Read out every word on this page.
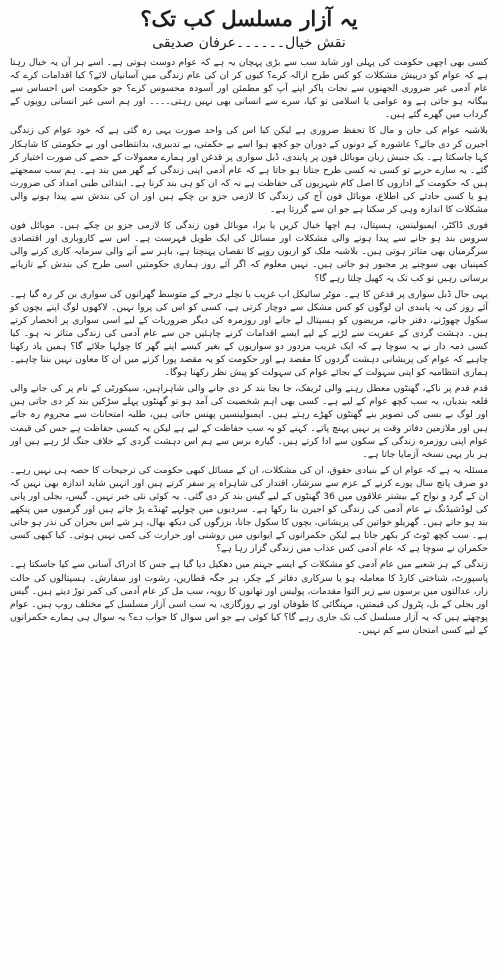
یہ آزار مسلسل کب تک؟
نقش خیال۔۔۔۔۔۔عرفان صدیقی

کسی بھی اچھی حکومت کی پہلی اور شاید سب سے بڑی پہچان یہ ہے کہ عوام دوست ہوتی ہے۔ اسے ہر آن یہ خیال رہتا ہے کہ عوام کو درپیش مشکلات کو کس طرح ازالہ کرے؟ کیوں کر ان کی عام زندگی میں آسانیاں لائے؟ کیا اقدامات کرے کہ عام آدمی غیر ضروری الجھنوں سے نجات پاکر اپنے آپ کو مطمئن اور آسودہ محسوس کرے؟ جو حکومت اس احساس سے بیگانہ ہو جاتی ہے وہ عوامی یا اسلامی تو کیا، سرے سے انسانی بھی نہیں رہتی۔۔۔۔ اور ہم اسی غیر انسانی رویوں کے گرداب میں گھرے گئے ہیں۔

بلاشبہ عوام کی جان و مال کا تحفظ ضروری ہے لیکن کیا اس کی واحد صورت یہی رہ گئی ہے کہ خود عوام کی زندگی اجیرن کر دی جائے؟ عاشورہ کے دونوں کے دوران جو کچھ ہوا اسے بے حکمتی، بے تدبیری، بدانتظامی اور بے حکومتی کا شاہکار کہا جاسکتا ہے۔ یک جنبش زبان موبائل فون پر پابندی، ڈبل سواری پر قدغن اور ہمارے معمولات کے حصے کی صورت اختیار کر گئے۔ یہ سارے حربے تو کسی نہ کسی طرح جنانا ہو جاتا ہے کہ عام آدمی اپنی زندگی کے گھر میں بند ہے۔ ہم سب سمجھتے ہیں کہ حکومت کے اداروں کا اصل کام شہریوں کی حفاظت ہے نہ کہ ان کو ہی بند کرنا ہے۔ ابتدائی طبی امداد کی ضرورت ہو یا کسی حادثے کی اطلاع، موبائل فون آج کی زندگی کا لازمی جزو بن چکے ہیں اور ان کی بندش سے پیدا ہونے والی مشکلات کا اندازہ وہی کر سکتا ہے جو ان سے گزرتا ہے۔

فوری ڈاکٹر، ایمبولینس، ہسپتال، ہم اچھا خیال کریں یا برا، موبائل فون زندگی کا لازمی جزو بن چکے ہیں۔ موبائل فون سروس بند ہو جانے سے پیدا ہونے والی مشکلات اور مسائل کی ایک طویل فہرست ہے۔ اس سے کاروباری اور اقتصادی سرگرمیاں بھی متاثر ہوتی ہیں۔ بلاشبہ ملک کو اربوں روپے کا نقصان پہنچتا ہے، باہر سے آنے والی سرمایہ کاری کرنے والی کمپنیاں بھی سوچنے پر مجبور ہو جاتی ہیں۔ نہیں معلوم کہ اگر آئے روز ہماری حکومتیں اسی طرح کی بندش کے تازیانے برساتی رہیں تو کب تک یہ کھیل چلتا رہے گا؟

یہی حال ڈبل سواری پر قدغن کا ہے۔ موٹر سائیکل اب غریب یا نچلے درجے کے متوسط گھرانوں کی سواری بن کر رہ گیا ہے۔ آئے روز کی یہ پابندی ان لوگوں کو کس مشکل سے دوچار کرتی ہے، کسی کو اس کی پروا نہیں۔ لاکھوں لوگ اپنے بچوں کو سکول چھوڑنے، دفتر جانے، مریضوں کو ہسپتال لے جانے اور روزمرہ کی دیگر ضروریات کے لیے اسی سواری پر انحصار کرتے ہیں۔ دہشت گردی کے عفریت سے لڑنے کے لیے ایسے اقدامات کرنے چاہئیں جن سے عام آدمی کی زندگی متاثر نہ ہو۔ کیا کسی ذمہ دار نے یہ سوچا ہے کہ ایک غریب مزدور دو سواریوں کے بغیر کیسے اپنے گھر کا چولہا جلائے گا؟ ہمیں یاد رکھنا چاہیے کہ عوام کی پریشانی دہشت گردوں کا مقصد ہے اور حکومت کو یہ مقصد پورا کرنے میں ان کا معاون نہیں بننا چاہیے۔ ہماری انتظامیہ کو اپنی سہولت کے بجائے عوام کی سہولت کو پیش نظر رکھنا ہوگا۔

قدم قدم پر ناکے، گھنٹوں معطل رہنے والی ٹریفک، جا بجا بند کر دی جانے والی شاہراہیں، سیکورٹی کے نام پر کی جانے والی قلعہ بندیاں، یہ سب کچھ عوام کے لیے ہے۔ کسی بھی اہم شخصیت کی آمد ہو تو گھنٹوں پہلے سڑکیں بند کر دی جاتی ہیں اور لوگ بے بسی کی تصویر بنے گھنٹوں کھڑے رہتے ہیں۔ ایمبولینسیں پھنس جاتی ہیں، طلبہ امتحانات سے محروم رہ جاتے ہیں اور ملازمین دفاتر وقت پر نہیں پہنچ پاتے۔ کہنے کو یہ سب حفاظت کے لیے ہے لیکن یہ کیسی حفاظت ہے جس کی قیمت عوام اپنی روزمرہ زندگی کے سکون سے ادا کرتے ہیں۔ گیارہ برس سے ہم اس دہشت گردی کے خلاف جنگ لڑ رہے ہیں اور ہر بار یہی نسخہ آزمایا جاتا ہے۔

مسئلہ یہ ہے کہ عوام ان کے بنیادی حقوق، ان کی مشکلات، ان کے مسائل کبھی حکومت کی ترجیحات کا حصہ ہی نہیں رہے۔ دو صرف پانچ سال پورے کرنے کے عزم سے سرشار، اقتدار کی شاہراہ پر سفر کرتے ہیں اور انہیں شاید اندازہ بھی نہیں کہ ان کے گرد و نواح کے بیشتر علاقوں میں 36 گھنٹوں کے لیے گیس بند کر دی گئی۔ یہ کوئی نئی خبر نہیں۔ گیس، بجلی اور پانی کی لوڈشیڈنگ نے عام آدمی کی زندگی کو اجیرن بنا رکھا ہے۔ سردیوں میں چولہے ٹھنڈے پڑ جاتے ہیں اور گرمیوں میں پنکھے بند ہو جاتے ہیں۔ گھریلو خواتین کی پریشانی، بچوں کا سکول جانا، بزرگوں کی دیکھ بھال، ہر شے اس بحران کی نذر ہو جاتی ہے۔ سب کچھ ٹوٹ کر بکھر جاتا ہے لیکن حکمرانوں کے ایوانوں میں روشنی اور حرارت کی کمی نہیں ہوتی۔ کیا کبھی کسی حکمران نے سوچا ہے کہ عام آدمی کس عذاب میں زندگی گزار رہا ہے؟

زندگی کے ہر شعبے میں عام آدمی کو مشکلات کے ایسے جہنم میں دھکیل دیا گیا ہے جس کا ادراک آسانی سے کیا جاسکتا ہے۔ پاسپورٹ، شناختی کارڈ کا معاملہ ہو یا سرکاری دفاتر کے چکر، ہر جگہ قطاریں، رشوت اور سفارش۔ ہسپتالوں کی حالت زار، عدالتوں میں برسوں سے زیر التوا مقدمات، پولیس اور تھانوں کا رویہ، سب مل کر عام آدمی کی کمر توڑ دیتے ہیں۔ گیس اور بجلی کے بل، پٹرول کی قیمتیں، مہنگائی کا طوفان اور بے روزگاری، یہ سب اسی آزار مسلسل کے مختلف روپ ہیں۔ عوام پوچھتے ہیں کہ یہ آزار مسلسل کب تک جاری رہے گا؟ کیا کوئی ہے جو اس سوال کا جواب دے؟ یہ سوال ہی ہمارے حکمرانوں کے لیے کسی امتحان سے کم نہیں۔
